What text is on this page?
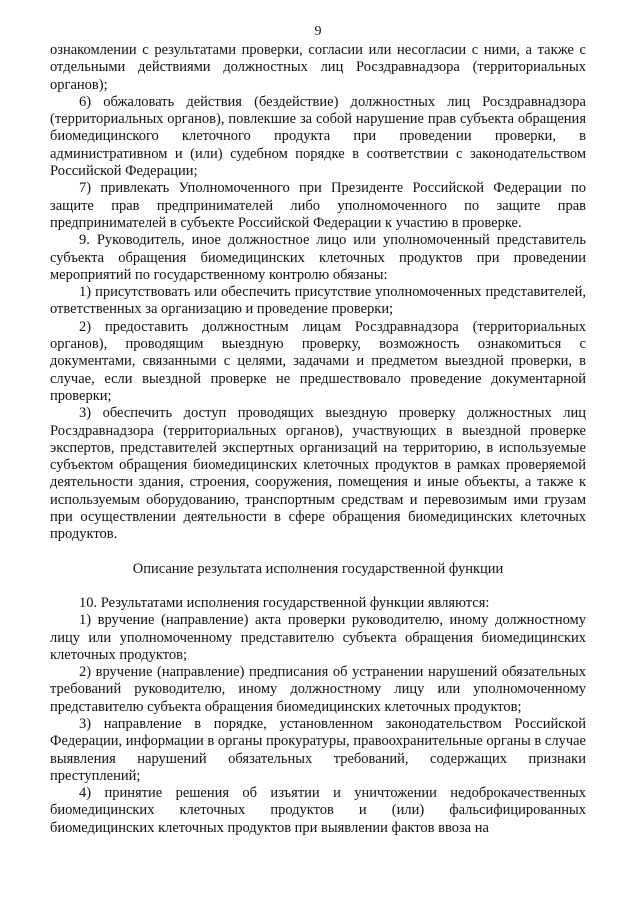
9

ознакомлении с результатами проверки, согласии или несогласии с ними, а также с отдельными действиями должностных лиц Росздравнадзора (территориальных органов);

6) обжаловать действия (бездействие) должностных лиц Росздравнадзора (территориальных органов), повлекшие за собой нарушение прав субъекта обращения биомедицинского клеточного продукта при проведении проверки, в административном и (или) судебном порядке в соответствии с законодательством Российской Федерации;

7) привлекать Уполномоченного при Президенте Российской Федерации по защите прав предпринимателей либо уполномоченного по защите прав предпринимателей в субъекте Российской Федерации к участию в проверке.

9. Руководитель, иное должностное лицо или уполномоченный представитель субъекта обращения биомедицинских клеточных продуктов при проведении мероприятий по государственному контролю обязаны:

1) присутствовать или обеспечить присутствие уполномоченных представителей, ответственных за организацию и проведение проверки;

2) предоставить должностным лицам Росздравнадзора (территориальных органов), проводящим выездную проверку, возможность ознакомиться с документами, связанными с целями, задачами и предметом выездной проверки, в случае, если выездной проверке не предшествовало проведение документарной проверки;

3) обеспечить доступ проводящих выездную проверку должностных лиц Росздравнадзора (территориальных органов), участвующих в выездной проверке экспертов, представителей экспертных организаций на территорию, в используемые субъектом обращения биомедицинских клеточных продуктов в рамках проверяемой деятельности здания, строения, сооружения, помещения и иные объекты, а также к используемым оборудованию, транспортным средствам и перевозимым ими грузам при осуществлении деятельности в сфере обращения биомедицинских клеточных продуктов.

Описание результата исполнения государственной функции

10. Результатами исполнения государственной функции являются:

1) вручение (направление) акта проверки руководителю, иному должностному лицу или уполномоченному представителю субъекта обращения биомедицинских клеточных продуктов;

2) вручение (направление) предписания об устранении нарушений обязательных требований руководителю, иному должностному лицу или уполномоченному представителю субъекта обращения биомедицинских клеточных продуктов;

3) направление в порядке, установленном законодательством Российской Федерации, информации в органы прокуратуры, правоохранительные органы в случае выявления нарушений обязательных требований, содержащих признаки преступлений;

4) принятие решения об изъятии и уничтожении недоброкачественных биомедицинских клеточных продуктов и (или) фальсифицированных биомедицинских клеточных продуктов при выявлении фактов ввоза на
